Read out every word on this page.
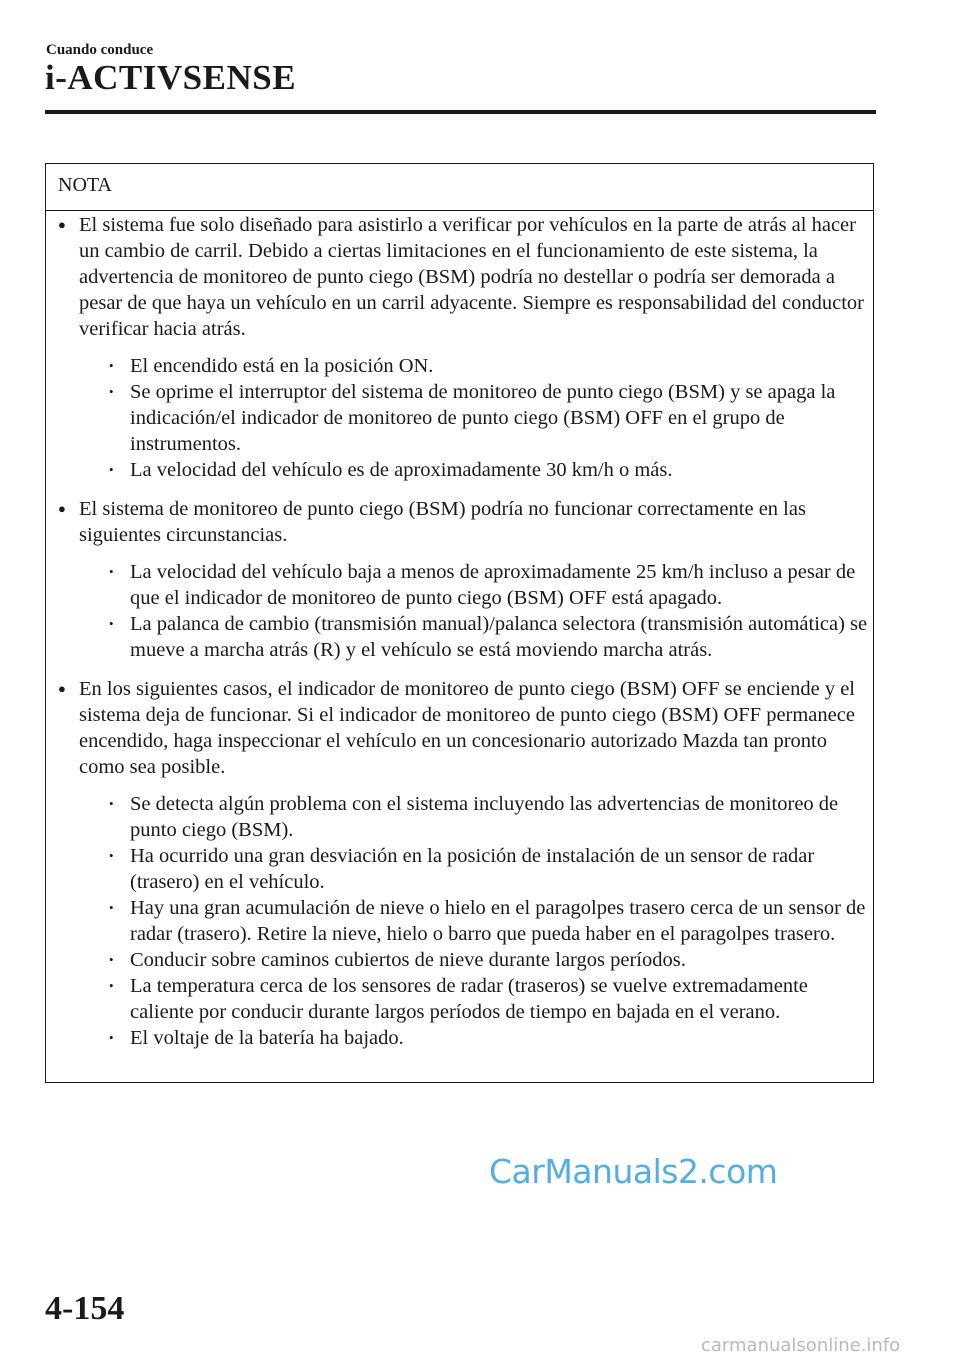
Cuando conduce
i-ACTIVSENSE
NOTA
● El sistema fue solo diseñado para asistirlo a verificar por vehículos en la parte de atrás al hacer un cambio de carril. Debido a ciertas limitaciones en el funcionamiento de este sistema, la advertencia de monitoreo de punto ciego (BSM) podría no destellar o podría ser demorada a pesar de que haya un vehículo en un carril adyacente. Siempre es responsabilidad del conductor verificar hacia atrás.
• El encendido está en la posición ON.
• Se oprime el interruptor del sistema de monitoreo de punto ciego (BSM) y se apaga la indicación/el indicador de monitoreo de punto ciego (BSM) OFF en el grupo de instrumentos.
• La velocidad del vehículo es de aproximadamente 30 km/h o más.
● El sistema de monitoreo de punto ciego (BSM) podría no funcionar correctamente en las siguientes circunstancias.
• La velocidad del vehículo baja a menos de aproximadamente 25 km/h incluso a pesar de que el indicador de monitoreo de punto ciego (BSM) OFF está apagado.
• La palanca de cambio (transmisión manual)/palanca selectora (transmisión automática) se mueve a marcha atrás (R) y el vehículo se está moviendo marcha atrás.
● En los siguientes casos, el indicador de monitoreo de punto ciego (BSM) OFF se enciende y el sistema deja de funcionar. Si el indicador de monitoreo de punto ciego (BSM) OFF permanece encendido, haga inspeccionar el vehículo en un concesionario autorizado Mazda tan pronto como sea posible.
• Se detecta algún problema con el sistema incluyendo las advertencias de monitoreo de punto ciego (BSM).
• Ha ocurrido una gran desviación en la posición de instalación de un sensor de radar (trasero) en el vehículo.
• Hay una gran acumulación de nieve o hielo en el paragolpes trasero cerca de un sensor de radar (trasero). Retire la nieve, hielo o barro que pueda haber en el paragolpes trasero.
• Conducir sobre caminos cubiertos de nieve durante largos períodos.
• La temperatura cerca de los sensores de radar (traseros) se vuelve extremadamente caliente por conducir durante largos períodos de tiempo en bajada en el verano.
• El voltaje de la batería ha bajado.
CarManuals2.com
4-154
carmanualsonline.info
